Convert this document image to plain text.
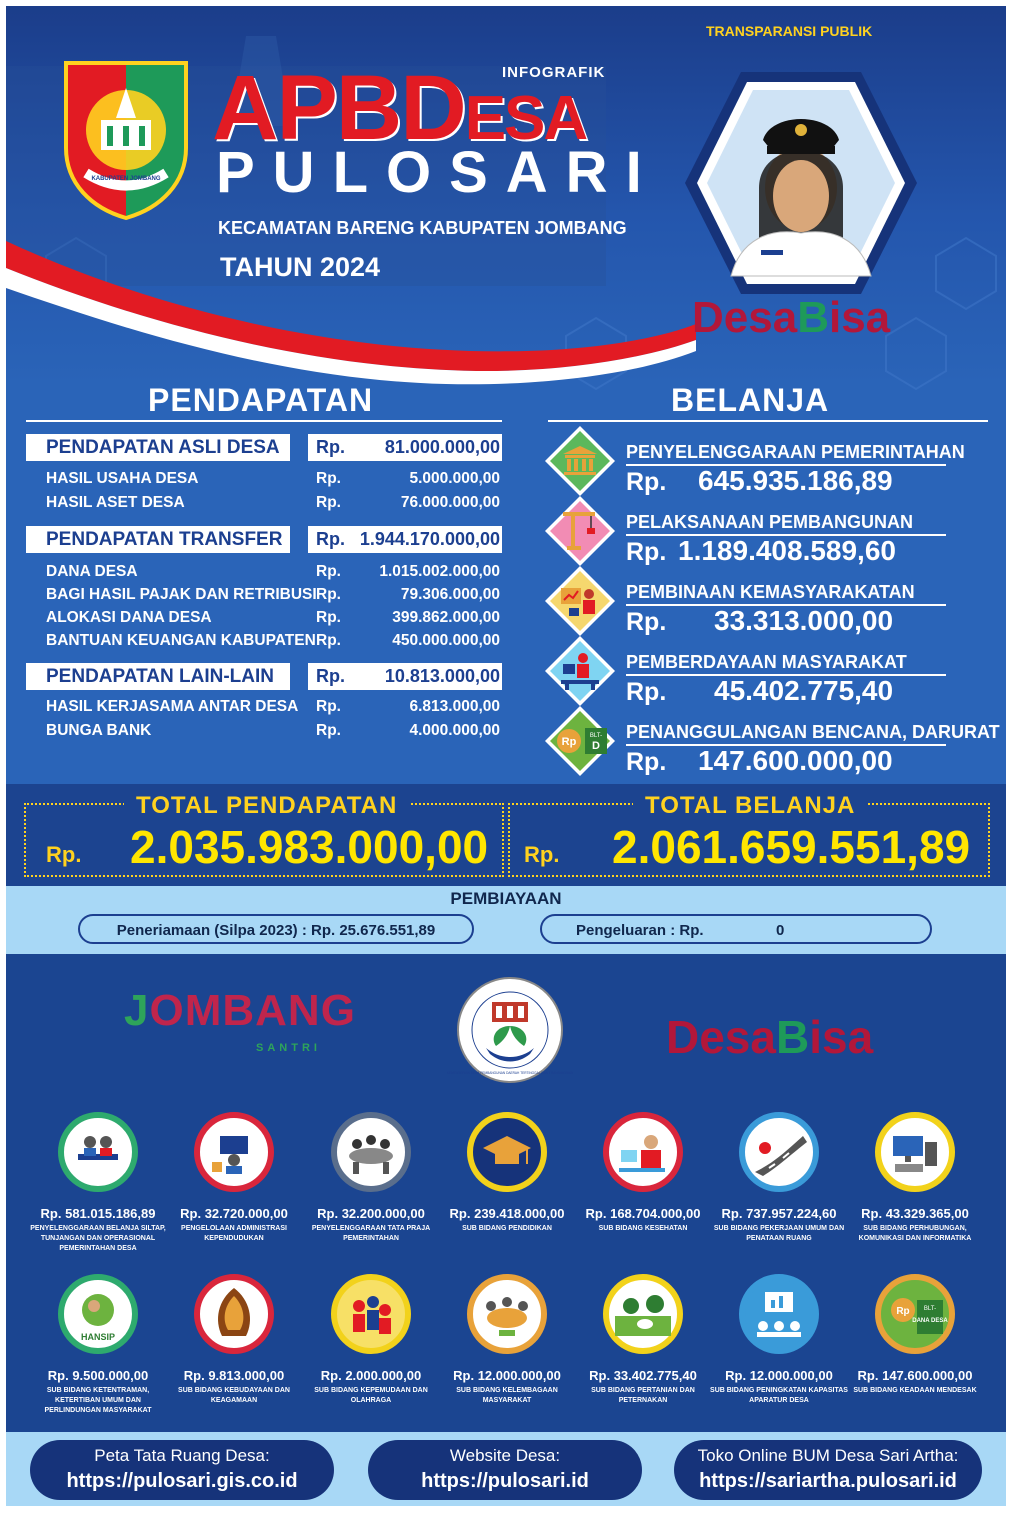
KABUPATEN JOMBANG
INFOGRAFIK
APBDESA
PULOSARI
KECAMATAN BARENG KABUPATEN JOMBANG
TAHUN 2024
TRANSPARANSI PUBLIK
DesaBisa
PENDAPATAN	BELANJA
PENDAPATAN ASLI DESA	Rp. 81.000.000,00
HASIL USAHA DESA	Rp.	5.000.000,00
HASIL ASET DESA	Rp.	76.000.000,00
PENDAPATAN TRANSFER	Rp. 1.944.170.000,00
DANA DESA	Rp. 1.015.002.000,00
BAGI HASIL PAJAK DAN RETRIBUSI Rp.	79.306.000,00
ALOKASI DANA DESA	Rp.	399.862.000,00
BANTUAN KEUANGAN KABUPATEN Rp.	450.000.000,00
PENDAPATAN LAIN-LAIN	Rp. 10.813.000,00
HASIL KERJASAMA ANTAR DESA Rp.	6.813.000,00
BUNGA BANK	Rp.	4.000.000,00
PENYELENGGARAAN PEMERINTAHAN
Rp. 645.935.186,89
PELAKSANAAN PEMBANGUNAN
Rp. 1.189.408.589,60
PEMBINAAN KEMASYARAKATAN
Rp. 33.313.000,00
PEMBERDAYAAN MASYARAKAT
Rp. 45.402.775,40
Rp BLT-
D
PENANGGULANGAN BENCANA, DARURAT
Rp. 147.600.000,00
TOTAL PENDAPATAN	TOTAL BELANJA
Rp. 2.035.983.000,00 Rp. 2.061.659.551,89
PEMBIAYAAN
Peneriamaan (Silpa 2023) : Rp. 25.676.551,89	Pengeluaran : Rp.	0
JOMBANG
SANTRI
KEMENTERIAN DESA PEMBANGUNAN DAERAH TERTINGGAL DAN TRANSMIGRASI
DesaBisa
Rp. 581.015.186,89
PENYELENGGARAAN BELANJA SILTAP, TUNJANGAN DAN OPERASIONAL PEMERINTAHAN DESA
Rp. 32.720.000,00
PENGELOLAAN ADMINISTRASI KEPENDUDUKAN
Rp. 32.200.000,00
PENYELENGGARAAN TATA PRAJA PEMERINTAHAN
Rp. 239.418.000,00
SUB BIDANG PENDIDIKAN
Rp. 168.704.000,00
SUB BIDANG KESEHATAN
Rp. 737.957.224,60
SUB BIDANG PEKERJAAN UMUM DAN PENATAAN RUANG
Rp. 43.329.365,00
SUB BIDANG PERHUBUNGAN, KOMUNIKASI DAN INFORMATIKA
HANSIP
Rp. 9.500.000,00
SUB BIDANG KETENTRAMAN, KETERTIBAN UMUM DAN PERLINDUNGAN MASYARAKAT
Rp. 9.813.000,00
SUB BIDANG KEBUDAYAAN DAN KEAGAMAAN
Rp. 2.000.000,00
SUB BIDANG KEPEMUDAAN DAN OLAHRAGA
Rp. 12.000.000,00
SUB BIDANG KELEMBAGAAN MASYARAKAT
Rp. 33.402.775,40
SUB BIDANG PERTANIAN DAN PETERNAKAN
Rp. 12.000.000,00
SUB BIDANG PENINGKATAN KAPASITAS APARATUR DESA
Rp BLT-
DANA DESA
Rp. 147.600.000,00
SUB BIDANG KEADAAN MENDESAK
Peta Tata Ruang Desa:
https://pulosari.gis.co.id
Website Desa:
https://pulosari.id
Toko Online BUM Desa Sari Artha:
https://sariartha.pulosari.id
